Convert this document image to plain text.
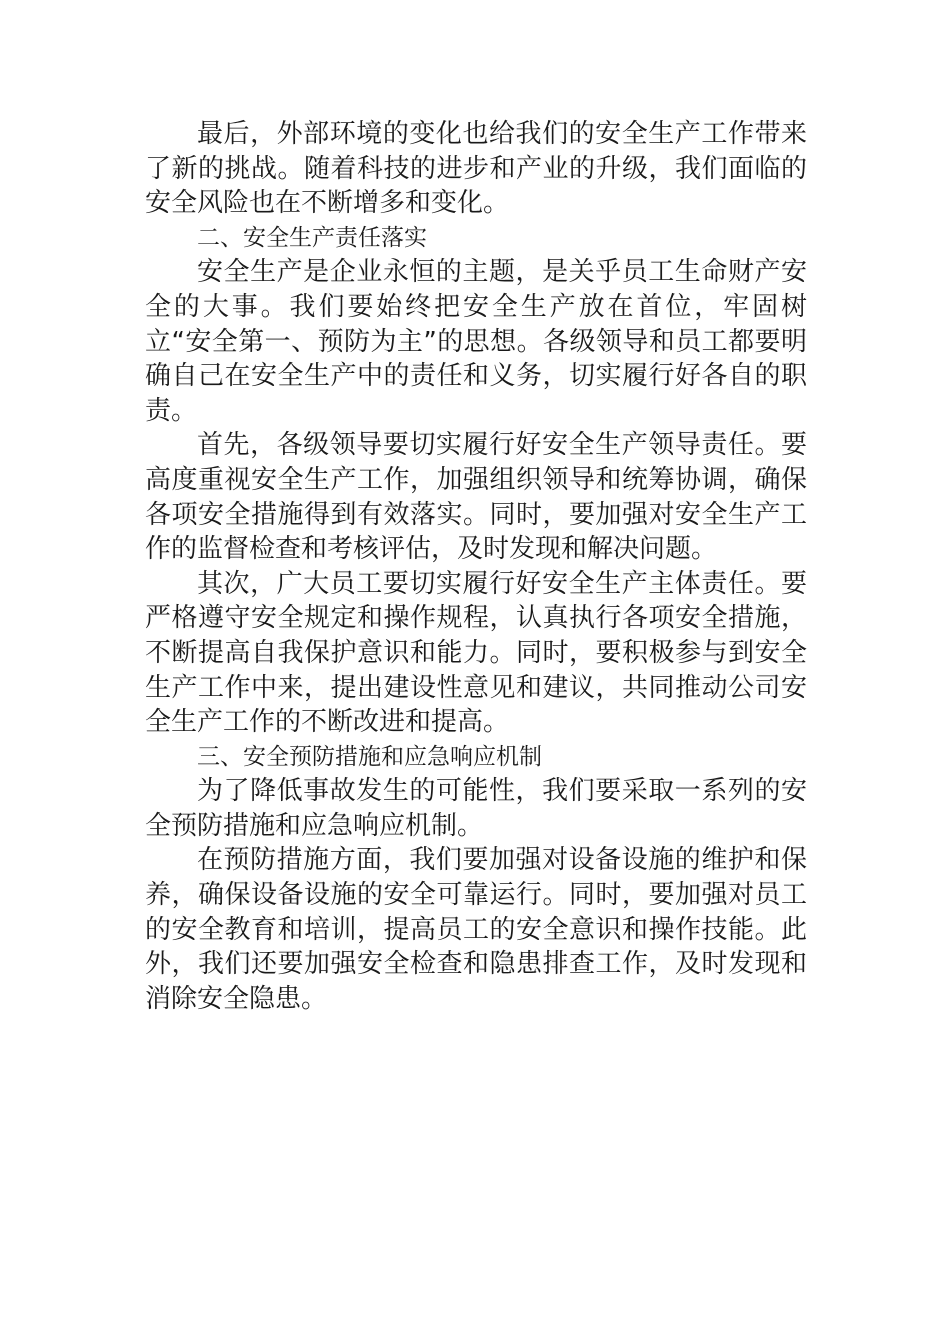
最后，外部环境的变化也给我们的安全生产工作带来了新的挑战。随着科技的进步和产业的升级，我们面临的安全风险也在不断增多和变化。

二、安全生产责任落实

安全生产是企业永恒的主题，是关乎员工生命财产安全的大事。我们要始终把安全生产放在首位，牢固树立“安全第一、预防为主”的思想。各级领导和员工都要明确自己在安全生产中的责任和义务，切实履行好各自的职责。

首先，各级领导要切实履行好安全生产领导责任。要高度重视安全生产工作，加强组织领导和统筹协调，确保各项安全措施得到有效落实。同时，要加强对安全生产工作的监督检查和考核评估，及时发现和解决问题。

其次，广大员工要切实履行好安全生产主体责任。要严格遵守安全规定和操作规程，认真执行各项安全措施，不断提高自我保护意识和能力。同时，要积极参与到安全生产工作中来，提出建设性意见和建议，共同推动公司安全生产工作的不断改进和提高。

三、安全预防措施和应急响应机制

为了降低事故发生的可能性，我们要采取一系列的安全预防措施和应急响应机制。

在预防措施方面，我们要加强对设备设施的维护和保养，确保设备设施的安全可靠运行。同时，要加强对员工的安全教育和培训，提高员工的安全意识和操作技能。此外，我们还要加强安全检查和隐患排查工作，及时发现和消除安全隐患。
